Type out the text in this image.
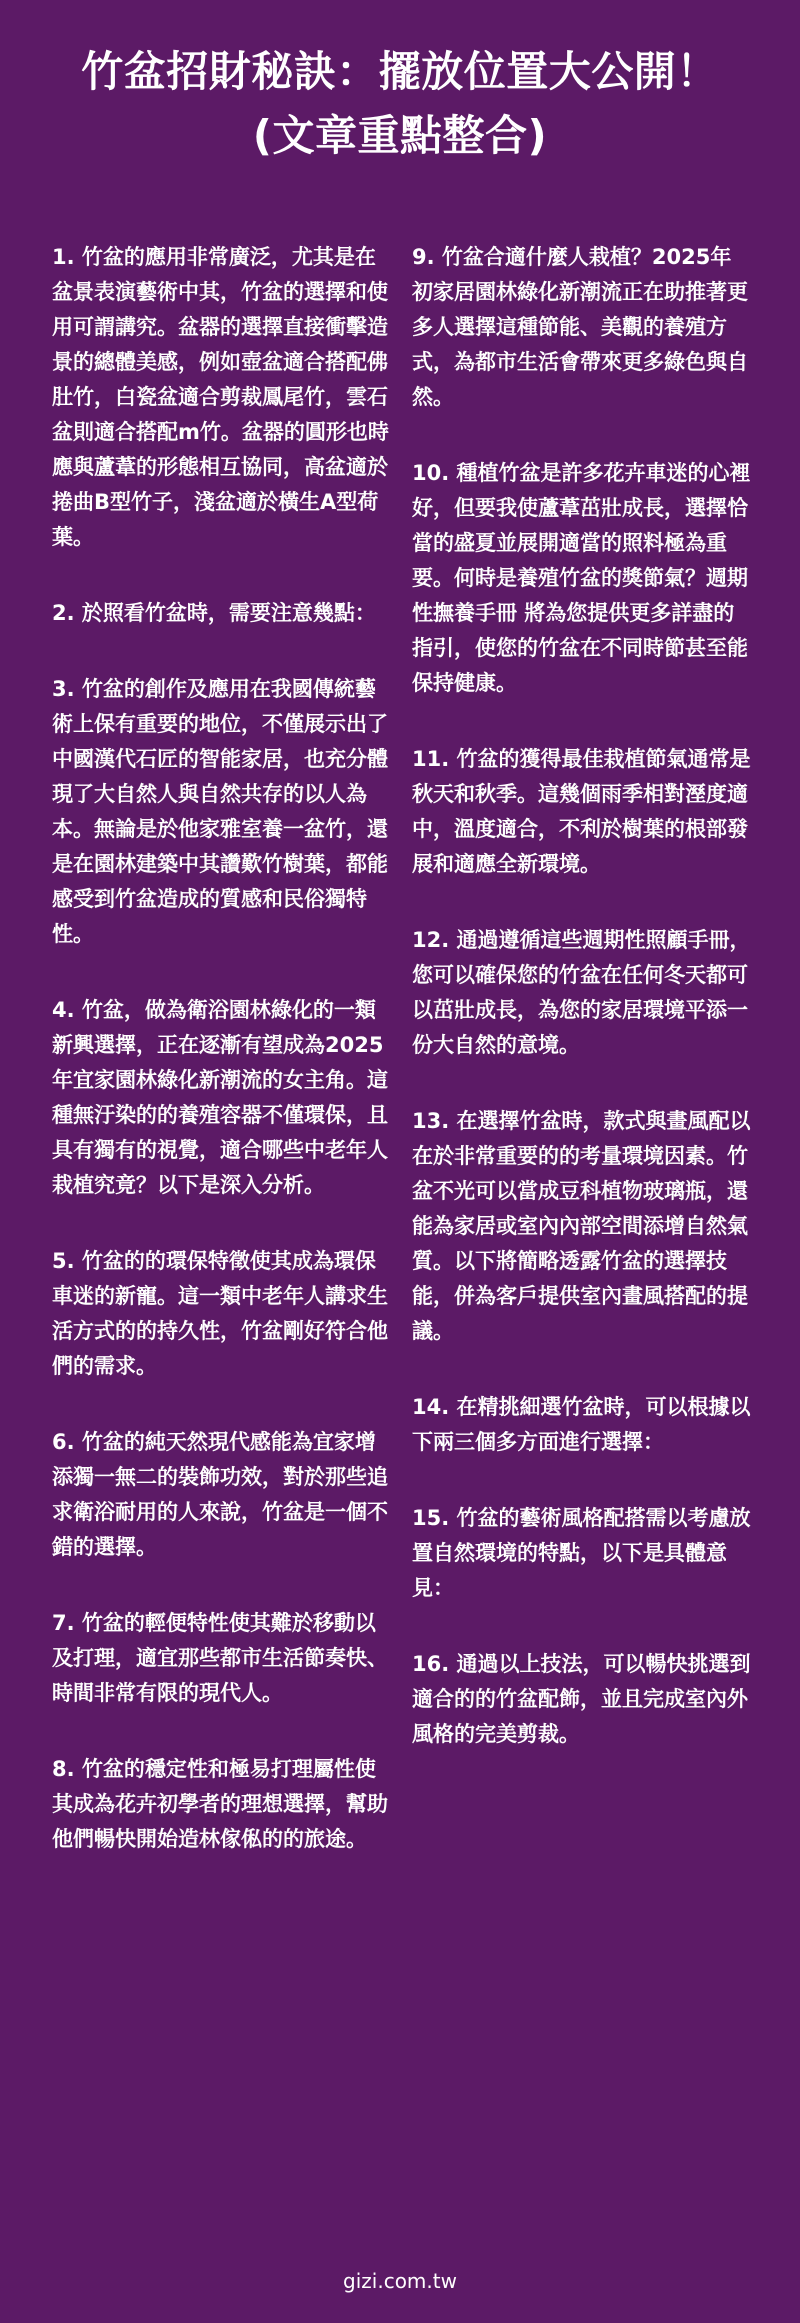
竹盆招財秘訣：擺放位置大公開！(文章重點整合)

1. 竹盆的應用非常廣泛，尤其是在盆景表演藝術中其，竹盆的選擇和使用可謂講究。盆器的選擇直接衝擊造景的總體美感，例如壺盆適合搭配佛肚竹，白瓷盆適合剪裁鳳尾竹，雲石盆則適合搭配m竹。盆器的圓形也時應與蘆葦的形態相互協同，高盆適於捲曲B型竹子，淺盆適於橫生A型荷葉。

2. 於照看竹盆時，需要注意幾點：

3. 竹盆的創作及應用在我國傳統藝術上保有重要的地位，不僅展示出了中國漢代石匠的智能家居，也充分體現了大自然人與自然共存的以人為本。無論是於他家雅室養一盆竹，還是在園林建築中其讚歎竹樹葉，都能感受到竹盆造成的質感和民俗獨特性。

4. 竹盆，做為衛浴園林綠化的一類新興選擇，正在逐漸有望成為2025年宜家園林綠化新潮流的女主角。這種無汙染的的養殖容器不僅環保，且具有獨有的視覺，適合哪些中老年人栽植究竟？以下是深入分析。

5. 竹盆的的環保特徵使其成為環保車迷的新寵。這一類中老年人講求生活方式的的持久性，竹盆剛好符合他們的需求。

6. 竹盆的純天然現代感能為宜家增添獨一無二的裝飾功效，對於那些追求衛浴耐用的人來說，竹盆是一個不錯的選擇。

7. 竹盆的輕便特性使其難於移動以及打理，適宜那些都市生活節奏快、時間非常有限的現代人。

8. 竹盆的穩定性和極易打理屬性使其成為花卉初學者的理想選擇，幫助他們暢快開始造林傢俬的的旅途。

9. 竹盆合適什麼人栽植？2025年初家居園林綠化新潮流正在助推著更多人選擇這種節能、美觀的養殖方式，為都市生活會帶來更多綠色與自然。

10. 種植竹盆是許多花卉車迷的心裡好，但要我使蘆葦茁壯成長，選擇恰當的盛夏並展開適當的照料極為重要。何時是養殖竹盆的獎節氣？週期性撫養手冊 將為您提供更多詳盡的指引，使您的竹盆在不同時節甚至能保持健康。

11. 竹盆的獲得最佳栽植節氣通常是秋天和秋季。這幾個雨季相對溼度適中，溫度適合，不利於樹葉的根部發展和適應全新環境。

12. 通過遵循這些週期性照顧手冊，您可以確保您的竹盆在任何冬天都可以茁壯成長，為您的家居環境平添一份大自然的意境。

13. 在選擇竹盆時，款式與畫風配以在於非常重要的的考量環境因素。竹盆不光可以當成豆科植物玻璃瓶，還能為家居或室內內部空間添增自然氣質。以下將簡略透露竹盆的選擇技能，併為客戶提供室內畫風搭配的提議。

14. 在精挑細選竹盆時，可以根據以下兩三個多方面進行選擇：

15. 竹盆的藝術風格配搭需以考慮放置自然環境的特點，以下是具體意見：

16. 通過以上技法，可以暢快挑選到適合的的竹盆配飾，並且完成室內外風格的完美剪裁。

gizi.com.tw
